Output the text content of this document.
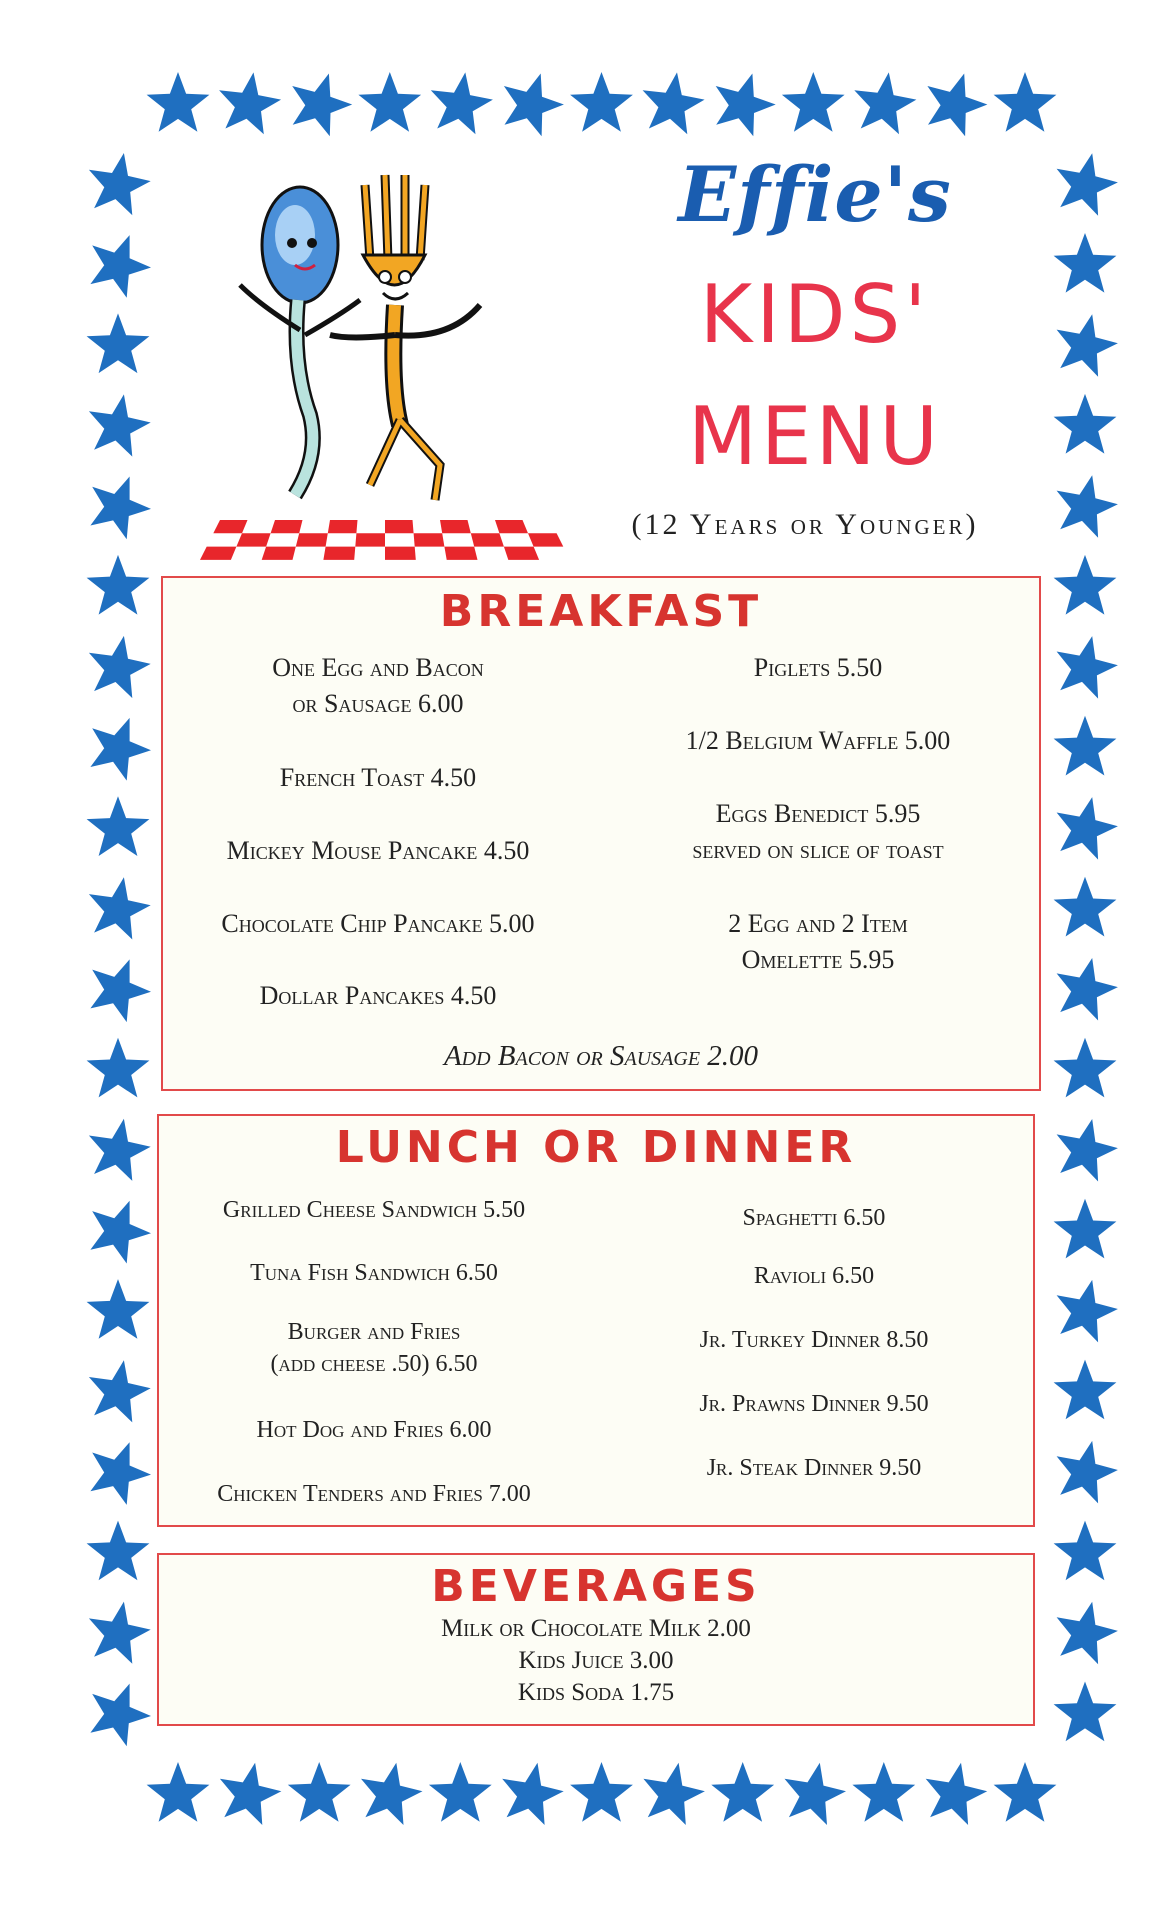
Effie's
KIDS'
MENU
(12 Years or Younger)
BREAKFAST
One Egg and Bacon
or Sausage 6.00
French Toast 4.50
Mickey Mouse Pancake 4.50
Chocolate Chip Pancake 5.00
Dollar Pancakes 4.50
Piglets 5.50
1/2 Belgium Waffle 5.00
Eggs Benedict 5.95
served on slice of toast
2 Egg and 2 Item
Omelette 5.95
Add Bacon or Sausage 2.00
LUNCH OR DINNER
Grilled Cheese Sandwich 5.50
Tuna Fish Sandwich 6.50
Burger and Fries
(add cheese .50) 6.50
Hot Dog and Fries 6.00
Chicken Tenders and Fries 7.00
Spaghetti 6.50
Ravioli 6.50
Jr. Turkey Dinner 8.50
Jr. Prawns Dinner 9.50
Jr. Steak Dinner 9.50
BEVERAGES
Milk or Chocolate Milk 2.00
Kids Juice 3.00
Kids Soda 1.75
